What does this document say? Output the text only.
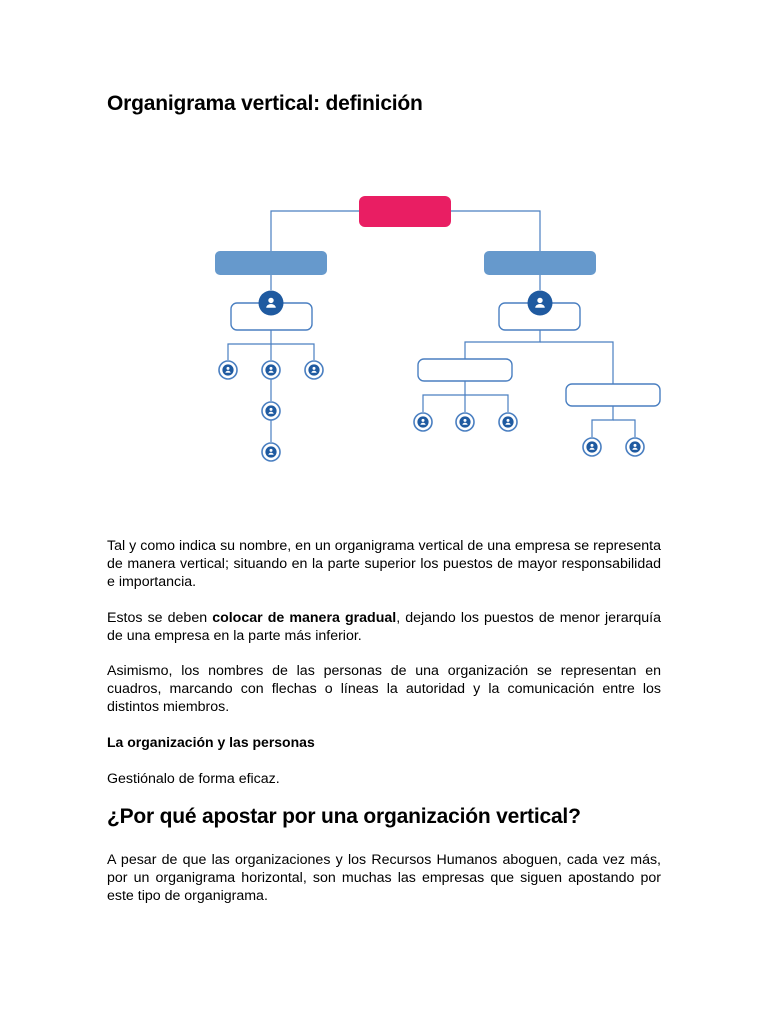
Organigrama vertical: definición

Tal y como indica su nombre, en un organigrama vertical de una empresa se representa de manera vertical; situando en la parte superior los puestos de mayor responsabilidad e importancia.

Estos se deben colocar de manera gradual, dejando los puestos de menor jerarquía de una empresa en la parte más inferior.

Asimismo, los nombres de las personas de una organización se representan en cuadros, marcando con flechas o líneas la autoridad y la comunicación entre los distintos miembros.

La organización y las personas

Gestiónalo de forma eficaz.

¿Por qué apostar por una organización vertical?

A pesar de que las organizaciones y los Recursos Humanos aboguen, cada vez más, por un organigrama horizontal, son muchas las empresas que siguen apostando por este tipo de organigrama.
